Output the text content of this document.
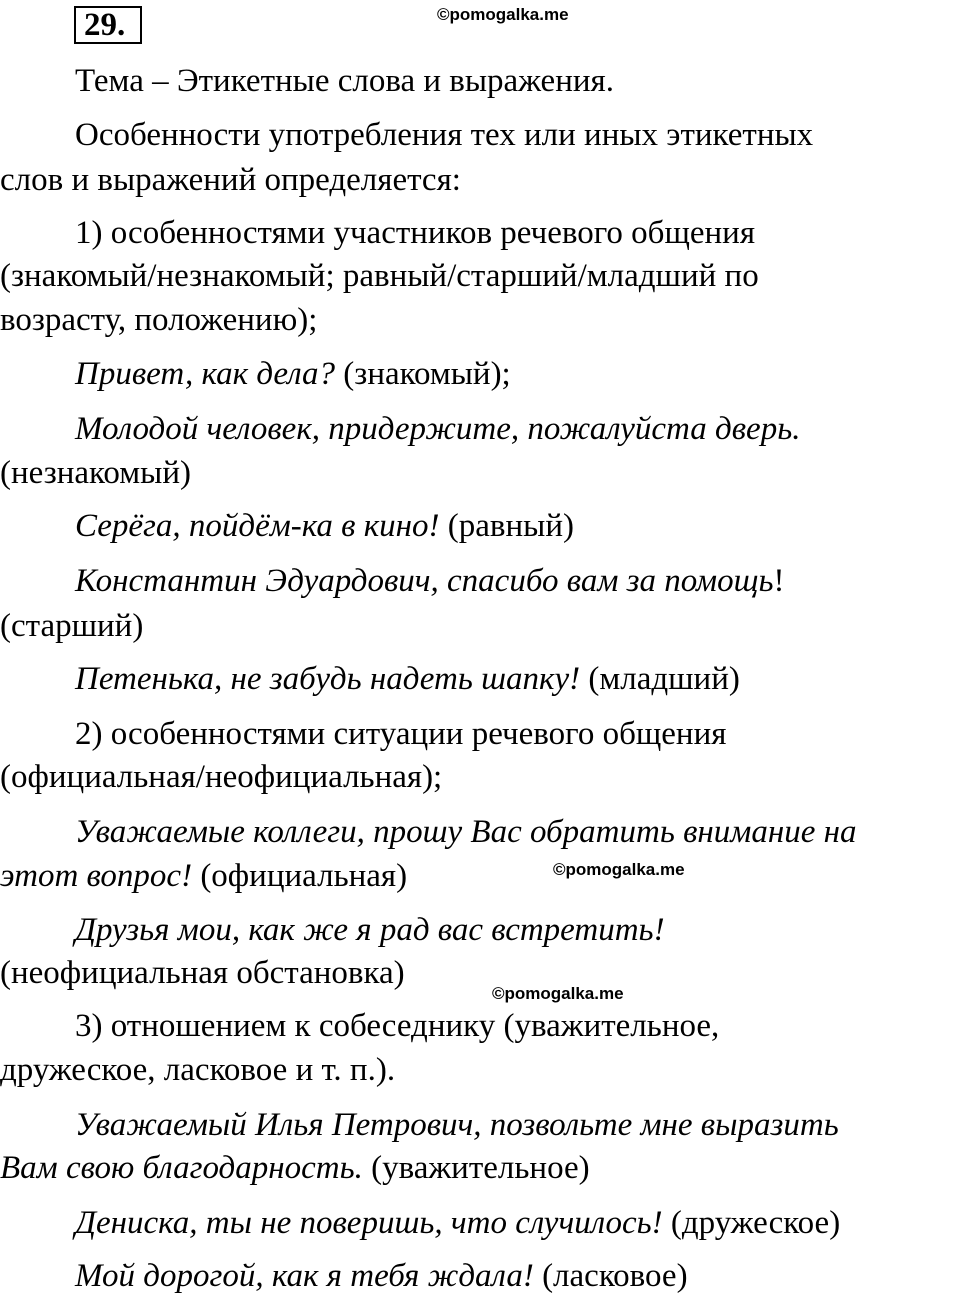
29.	©pomogalka.me
©pomogalka.me
©pomogalka.me
Тема – Этикетные слова и выражения.
Особенности употребления тех или иных этикетных
слов и выражений определяется:
1) особенностями участников речевого общения
(знакомый/незнакомый; равный/старший/младший по
возрасту, положению);
Привет, как дела? (знакомый);
Молодой человек, придержите, пожалуйста дверь.
(незнакомый)
Серёга, пойдём-ка в кино! (равный)
Константин Эдуардович, спасибо вам за помощь!
(старший)
Петенька, не забудь надеть шапку! (младший)
2) особенностями ситуации речевого общения
(официальная/неофициальная);
Уважаемые коллеги, прошу Вас обратить внимание на
этот вопрос! (официальная)
Друзья мои, как же я рад вас встретить!
(неофициальная обстановка)
3) отношением к собеседнику (уважительное,
дружеское, ласковое и т. п.).
Уважаемый Илья Петрович, позвольте мне выразить
Вам свою благодарность. (уважительное)
Дениска, ты не поверишь, что случилось! (дружеское)
Мой дорогой, как я тебя ждала! (ласковое)
